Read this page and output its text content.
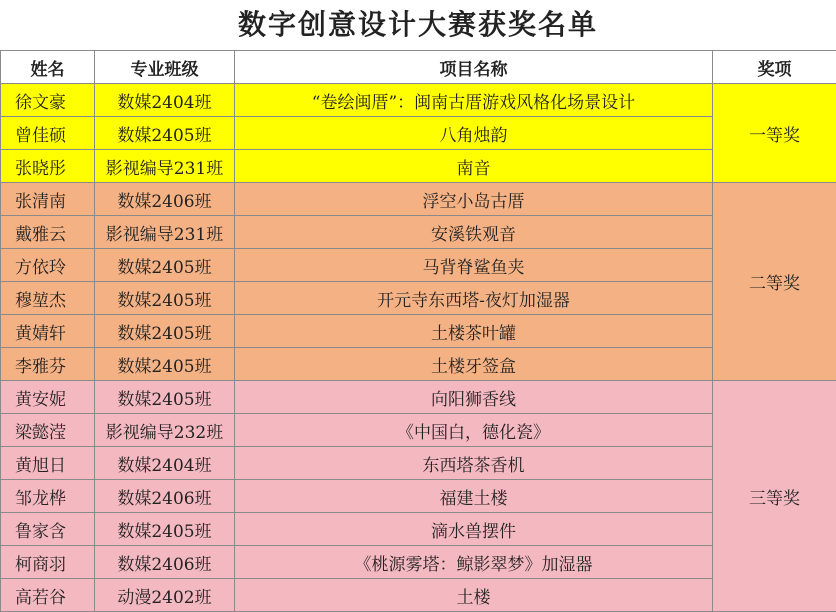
数字创意设计大赛获奖名单
姓名	专业班级	项目名称	奖项
徐文豪	数媒2404班	“卷绘闽厝”：闽南古厝游戏风格化场景设计	一等奖
曾佳硕	数媒2405班	八角烛韵	
张晓彤	影视编导231班	南音	
张清南	数媒2406班	浮空小岛古厝	二等奖
戴雅云	影视编导231班	安溪铁观音	
方依玲	数媒2405班	马背脊鲨鱼夹	
穆堃杰	数媒2405班	开元寺东西塔-夜灯加湿器	
黄婧轩	数媒2405班	土楼茶叶罐	
李雅芬	数媒2405班	土楼牙签盒	
黄安妮	数媒2405班	向阳狮香线	三等奖
梁懿滢	影视编导232班	《中国白，德化瓷》	
黄旭日	数媒2404班	东西塔茶香机	
邹龙桦	数媒2406班	福建土楼	
鲁家含	数媒2405班	滴水兽摆件	
柯商羽	数媒2406班	《桃源雾塔：鲸影翠梦》加湿器	
高若谷	动漫2402班	土楼	
